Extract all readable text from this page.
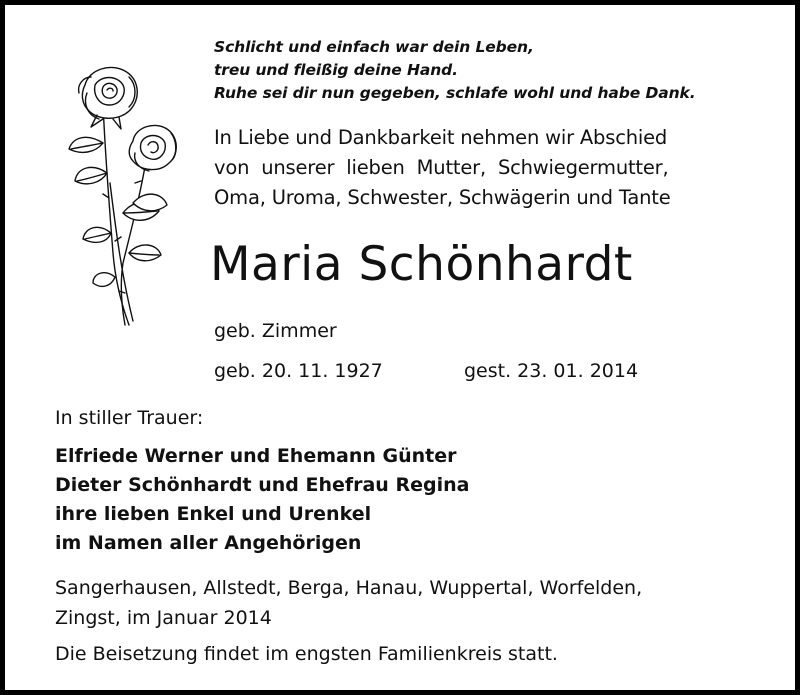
Schlicht und einfach war dein Leben,
treu und fleißig deine Hand.
Ruhe sei dir nun gegeben, schlafe wohl und habe Dank.
In Liebe und Dankbarkeit nehmen wir Abschied
von unserer lieben Mutter, Schwiegermutter,
Oma, Uroma, Schwester, Schwägerin und Tante
Maria Schönhardt
geb. Zimmer
geb. 20. 11. 1927	gest. 23. 01. 2014
In stiller Trauer:
Elfriede Werner und Ehemann Günter
Dieter Schönhardt und Ehefrau Regina
ihre lieben Enkel und Urenkel
im Namen aller Angehörigen
Sangerhausen, Allstedt, Berga, Hanau, Wuppertal, Worfelden,
Zingst, im Januar 2014
Die Beisetzung findet im engsten Familienkreis statt.
